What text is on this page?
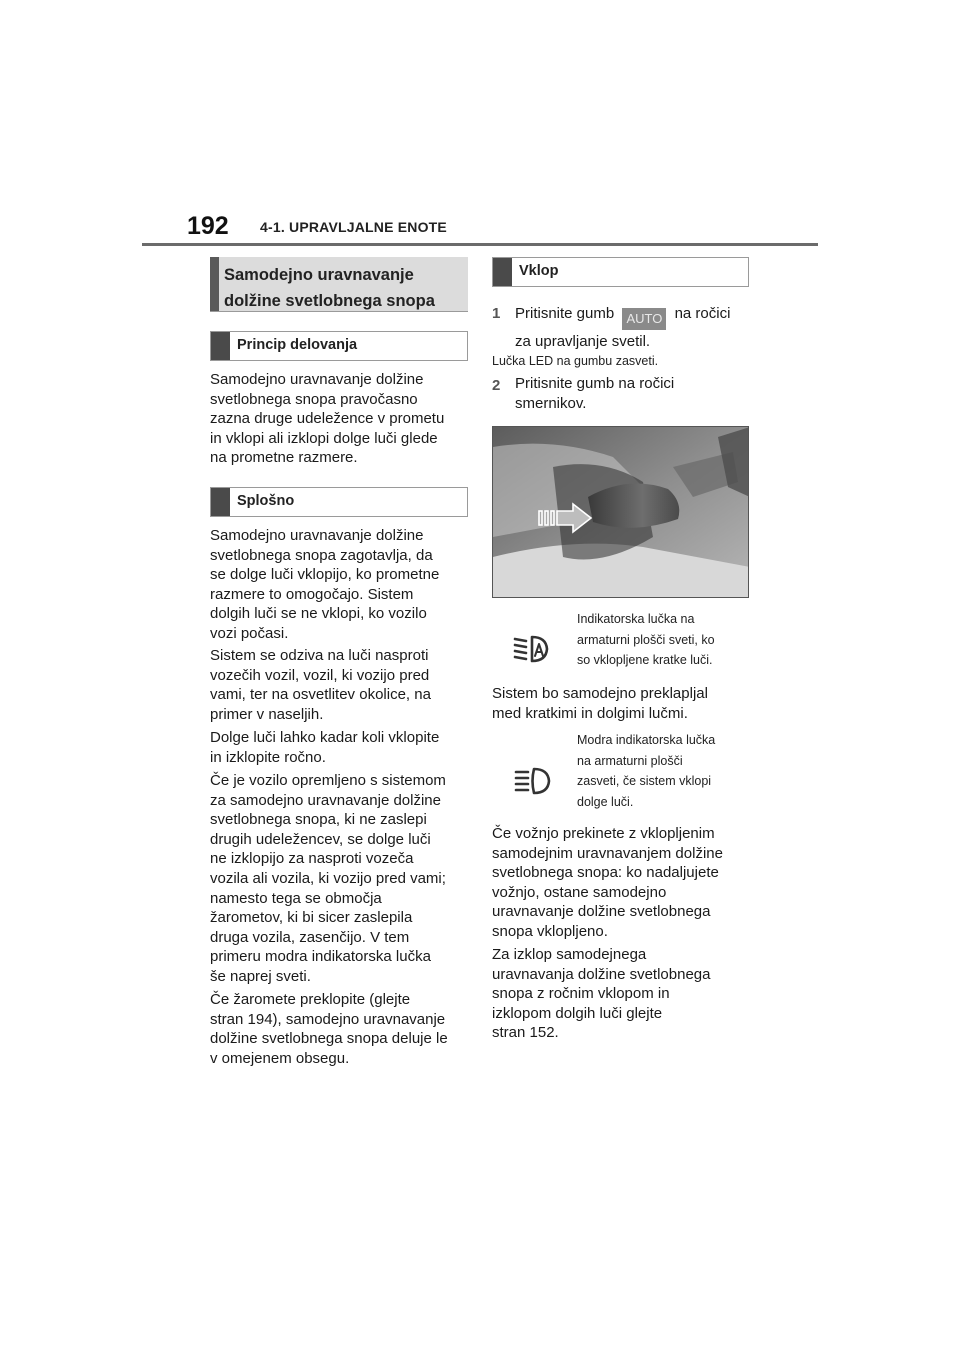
192 4-1. UPRAVLJALNE ENOTE
Samodejno uravnavanje
dolžine svetlobnega snopa
Princip delovanja
Samodejno uravnavanje dolžine
svetlobnega snopa pravočasno
zazna druge udeležence v prometu
in vklopi ali izklopi dolge luči glede
na prometne razmere.
Splošno
Samodejno uravnavanje dolžine
svetlobnega snopa zagotavlja, da
se dolge luči vklopijo, ko prometne
razmere to omogočajo. Sistem
dolgih luči se ne vklopi, ko vozilo
vozi počasi.
Sistem se odziva na luči nasproti
vozečih vozil, vozil, ki vozijo pred
vami, ter na osvetlitev okolice, na
primer v naseljih.
Dolge luči lahko kadar koli vklopite
in izklopite ročno.
Če je vozilo opremljeno s sistemom
za samodejno uravnavanje dolžine
svetlobnega snopa, ki ne zaslepi
drugih udeležencev, se dolge luči
ne izklopijo za nasproti vozeča
vozila ali vozila, ki vozijo pred vami;
namesto tega se območja
žarometov, ki bi sicer zaslepila
druga vozila, zasenčijo. V tem
primeru modra indikatorska lučka
še naprej sveti.
Če žaromete preklopite (glejte
stran 194), samodejno uravnavanje
dolžine svetlobnega snopa deluje le
v omejenem obsegu.
Vklop
1 Pritisnite gumb AUTO na ročici
za upravljanje svetil.
Lučka LED na gumbu zasveti.
2 Pritisnite gumb na ročici
smernikov.
Indikatorska lučka na
armaturni plošči sveti, ko
so vklopljene kratke luči.
Sistem bo samodejno preklapljal
med kratkimi in dolgimi lučmi.
Modra indikatorska lučka
na armaturni plošči
zasveti, če sistem vklopi
dolge luči.
Če vožnjo prekinete z vklopljenim
samodejnim uravnavanjem dolžine
svetlobnega snopa: ko nadaljujete
vožnjo, ostane samodejno
uravnavanje dolžine svetlobnega
snopa vklopljeno.
Za izklop samodejnega
uravnavanja dolžine svetlobnega
snopa z ročnim vklopom in
izklopom dolgih luči glejte
stran 152.
